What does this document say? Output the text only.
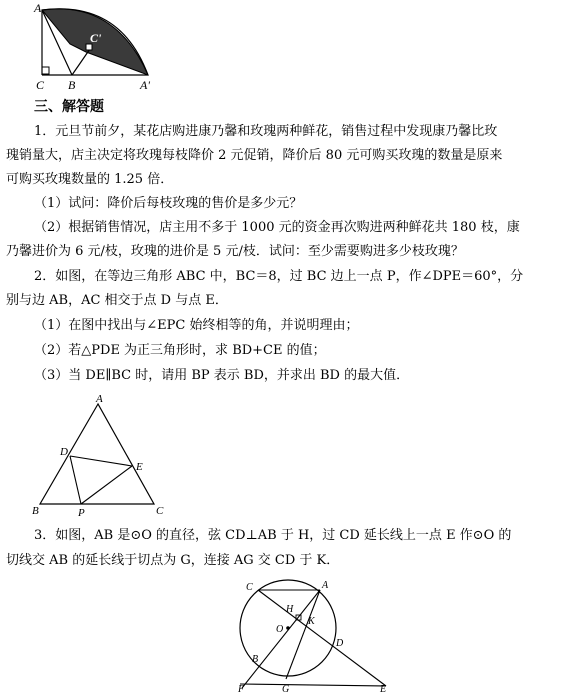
A
C B	A'
C'
三、解答题
1．元旦节前夕，某花店购进康乃馨和玫瑰两种鲜花，销售过程中发现康乃馨比玫
瑰销量大，店主决定将玫瑰每枝降价 2 元促销，降价后 80 元可购买玫瑰的数量是原来
可购买玫瑰数量的 1.25 倍．
（1）试问：降价后每枝玫瑰的售价是多少元？
（2）根据销售情况，店主用不多于 1000 元的资金再次购进两种鲜花共 180 枝，康
乃馨进价为 6 元/枝，玫瑰的进价是 5 元/枝．试问：至少需要购进多少枝玫瑰？
2．如图，在等边三角形 ABC 中，BC＝8，过 BC 边上一点 P，作∠DPE＝60°，分
别与边 AB，AC 相交于点 D 与点 E．
（1）在图中找出与∠EPC 始终相等的角，并说明理由；
（2）若△PDE 为正三角形时，求 BD+CE 的值；
（3）当 DE∥BC 时，请用 BP 表示 BD，并求出 BD 的最大值．
A
D
E
B	P	C
3．如图，AB 是⊙O 的直径，弦 CD⊥AB 于 H，过 CD 延长线上一点 E 作⊙O 的
切线交 AB 的延长线于切点为 G，连接 AG 交 CD 于 K．
C	A
H
O
K
D
B
F	G	E
